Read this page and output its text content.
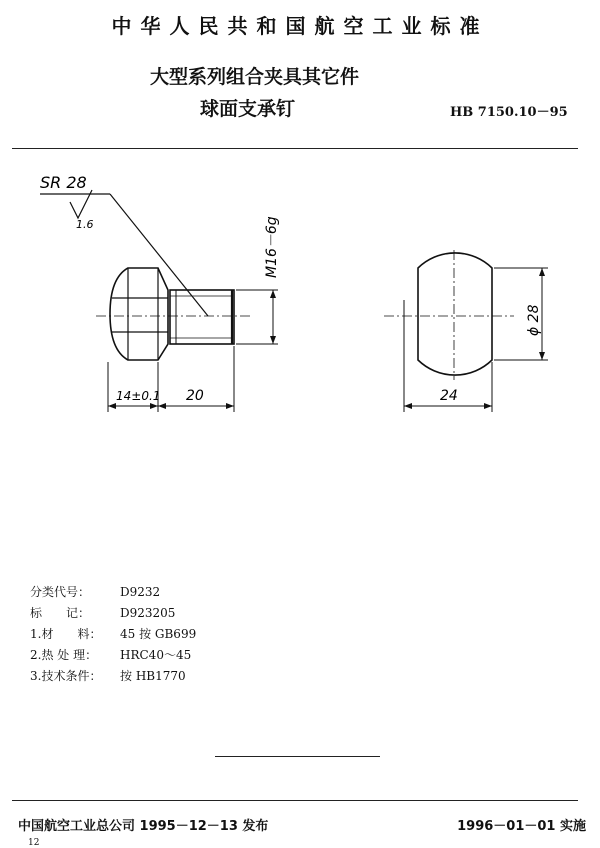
中华人民共和国航空工业标准
大型系列组合夹具其它件
球面支承钉	HB 7150.10－95
SR 28
1.6
14±0.1 20	24
M16－6g
ϕ 28
分类代号： D9232
标　　记： D923205
1.材　　料： 45 按 GB699
2.热 处 理： HRC40～45
3.技术条件： 按 HB1770
中国航空工业总公司 1995－12－13 发布	1996－01－01 实施
12
